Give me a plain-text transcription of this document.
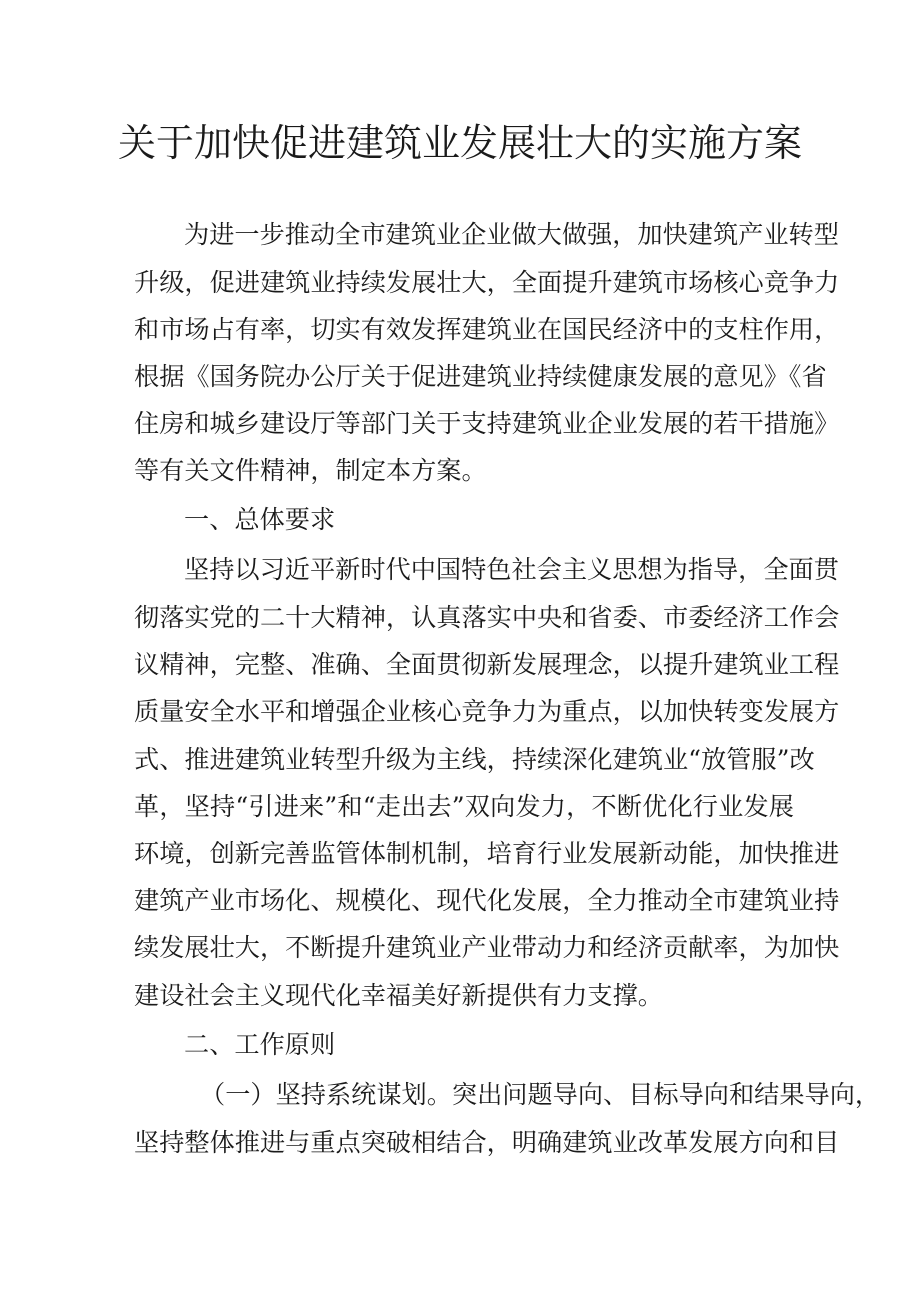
关于加快促进建筑业发展壮大的实施方案
为进一步推动全市建筑业企业做大做强，加快建筑产业转型
升级，促进建筑业持续发展壮大，全面提升建筑市场核心竞争力
和市场占有率，切实有效发挥建筑业在国民经济中的支柱作用，
根据《国务院办公厅关于促进建筑业持续健康发展的意见》《省
住房和城乡建设厅等部门关于支持建筑业企业发展的若干措施》
等有关文件精神，制定本方案。
一、总体要求
坚持以习近平新时代中国特色社会主义思想为指导，全面贯
彻落实党的二十大精神，认真落实中央和省委、市委经济工作会
议精神，完整、准确、全面贯彻新发展理念，以提升建筑业工程
质量安全水平和增强企业核心竞争力为重点，以加快转变发展方
式、推进建筑业转型升级为主线，持续深化建筑业“放管服”改
革，坚持“引进来”和“走出去”双向发力，不断优化行业发展
环境，创新完善监管体制机制，培育行业发展新动能，加快推进
建筑产业市场化、规模化、现代化发展，全力推动全市建筑业持
续发展壮大，不断提升建筑业产业带动力和经济贡献率，为加快
建设社会主义现代化幸福美好新提供有力支撑。
二、工作原则
（一）坚持系统谋划。突出问题导向、目标导向和结果导向，
坚持整体推进与重点突破相结合，明确建筑业改革发展方向和目
